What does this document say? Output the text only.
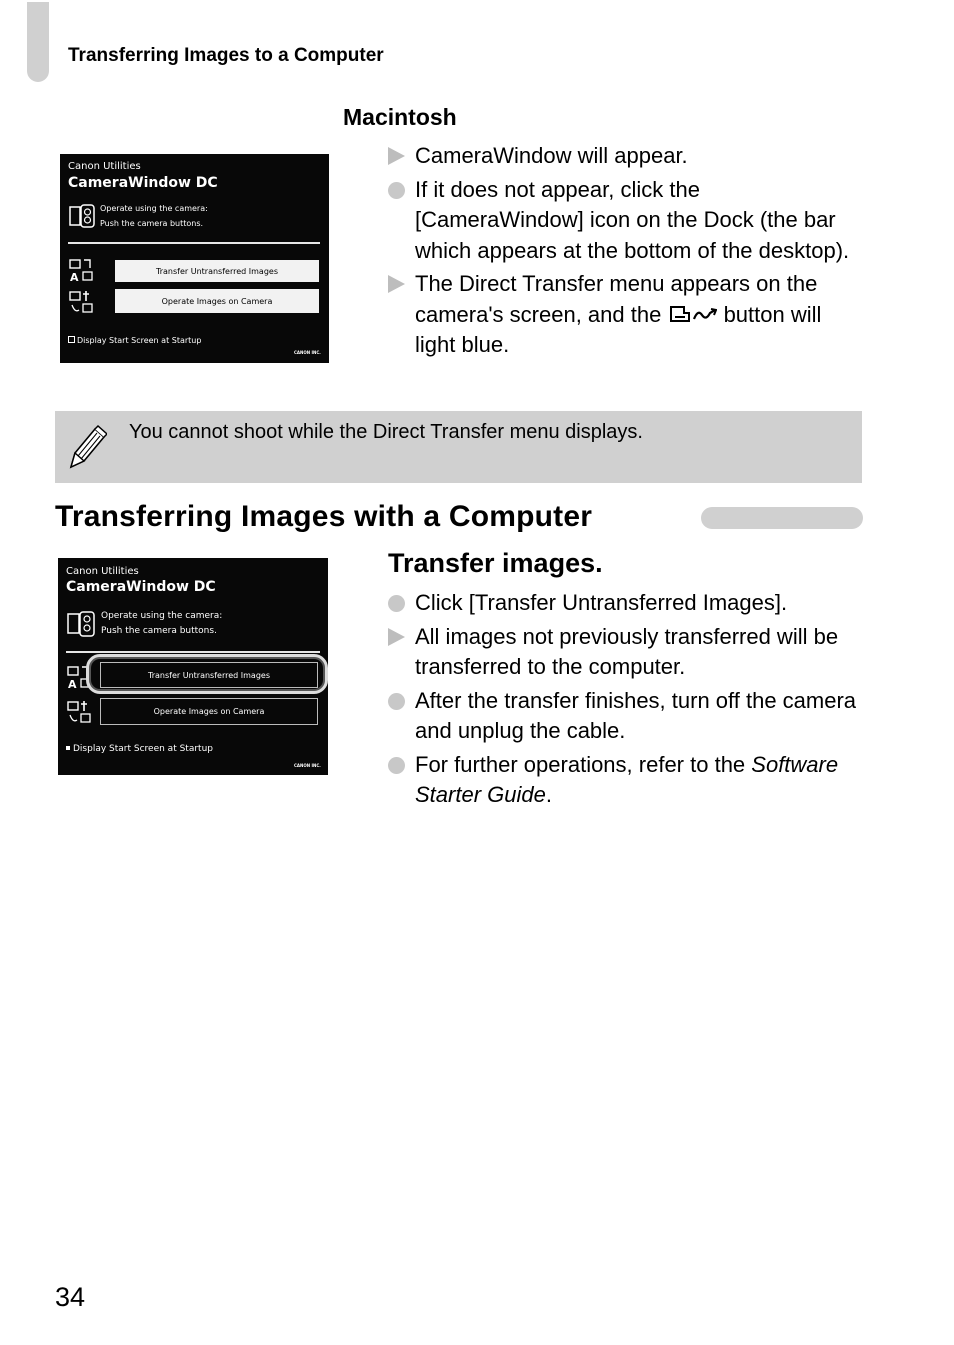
Transferring Images to a Computer
Canon Utilities
CameraWindow DC
Operate using the camera:
Push the camera buttons.
A	Transfer Untransferred Images
Operate Images on Camera
Display Start Screen at Startup
CANON INC.
Macintosh
CameraWindow will appear.
If it does not appear, click the [CameraWindow] icon on the Dock (the bar which appears at the bottom of the desktop).
The Direct Transfer menu appears on the camera's screen, and the  button will light blue.
You cannot shoot while the Direct Transfer menu displays.
Transferring Images with a Computer
Canon Utilities
CameraWindow DC
Operate using the camera:
Push the camera buttons.
A
Transfer Untransferred Images
Operate Images on Camera
Display Start Screen at Startup
CANON INC.
Transfer images.
Click [Transfer Untransferred Images].
All images not previously transferred will be transferred to the computer.
After the transfer finishes, turn off the camera and unplug the cable.
For further operations, refer to the Software Starter Guide.
34
